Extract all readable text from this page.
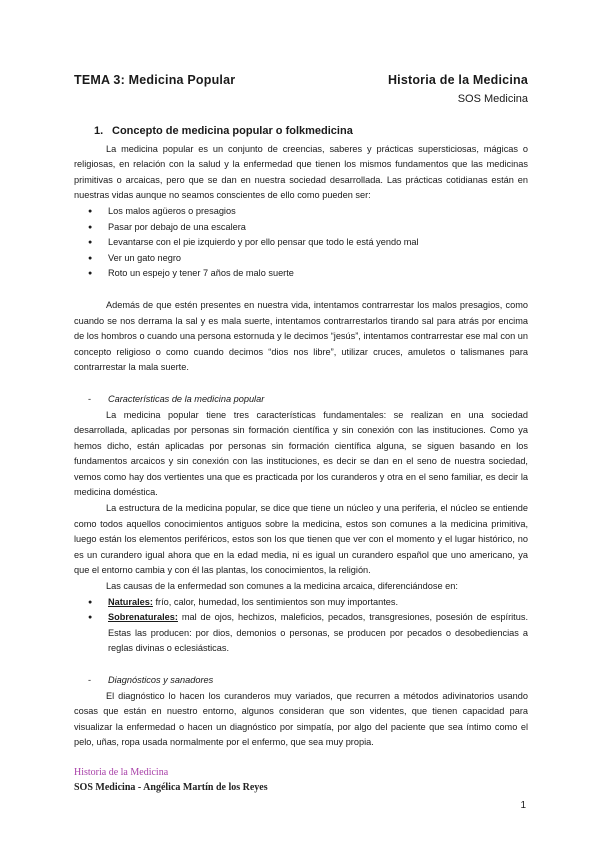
TEMA 3: Medicina Popular	Historia de la Medicina
SOS Medicina
1. Concepto de medicina popular o folkmedicina

La medicina popular es un conjunto de creencias, saberes y prácticas supersticiosas, mágicas o religiosas, en relación con la salud y la enfermedad que tienen los mismos fundamentos que las medicinas primitivas o arcaicas, pero que se dan en nuestra sociedad desarrollada. Las prácticas cotidianas están en nuestras vidas aunque no seamos conscientes de ello como pueden ser:

● Los malos agüeros o presagios
● Pasar por debajo de una escalera
● Levantarse con el pie izquierdo y por ello pensar que todo le está yendo mal
● Ver un gato negro
● Roto un espejo y tener 7 años de malo suerte

Además de que estén presentes en nuestra vida, intentamos contrarrestar los malos presagios, como cuando se nos derrama la sal y es mala suerte, intentamos contrarrestarlos tirando sal para atrás por encima de los hombros o cuando una persona estornuda y le decimos “jesús”, intentamos contrarrestar ese mal con un concepto religioso o como cuando decimos “dios nos libre”, utilizar cruces, amuletos o talismanes para contrarrestar la mala suerte.

- Características de la medicina popular

La medicina popular tiene tres características fundamentales: se realizan en una sociedad desarrollada, aplicadas por personas sin formación científica y sin conexión con las instituciones. Como ya hemos dicho, están aplicadas por personas sin formación científica alguna, se siguen basando en los fundamentos arcaicos y sin conexión con las instituciones, es decir se dan en el seno de nuestra sociedad, vemos como hay dos vertientes una que es practicada por los curanderos y otra en el seno familiar, es decir la medicina doméstica.

La estructura de la medicina popular, se dice que tiene un núcleo y una periferia, el núcleo se entiende como todos aquellos conocimientos antiguos sobre la medicina, estos son comunes a la medicina primitiva, luego están los elementos periféricos, estos son los que tienen que ver con el momento y el lugar histórico, no es un curandero igual ahora que en la edad media, ni es igual un curandero español que uno americano, ya que el entorno cambia y con él las plantas, los conocimientos, la religión.

Las causas de la enfermedad son comunes a la medicina arcaica, diferenciándose en:

● Naturales: frío, calor, humedad, los sentimientos son muy importantes.
● Sobrenaturales: mal de ojos, hechizos, maleficios, pecados, transgresiones, posesión de espíritus. Estas las producen: por dios, demonios o personas, se producen por pecados o desobediencias a reglas divinas o eclesiásticas.
- Diagnósticos y sanadores

El diagnóstico lo hacen los curanderos muy variados, que recurren a métodos adivinatorios usando cosas que están en nuestro entorno, algunos consideran que son videntes, que tienen capacidad para visualizar la enfermedad o hacen un diagnóstico por simpatía, por algo del paciente que sea íntimo como el pelo, uñas, ropa usada normalmente por el enfermo, que sea muy propia.

Historia de la Medicina
SOS Medicina - Angélica Martín de los Reyes
1
